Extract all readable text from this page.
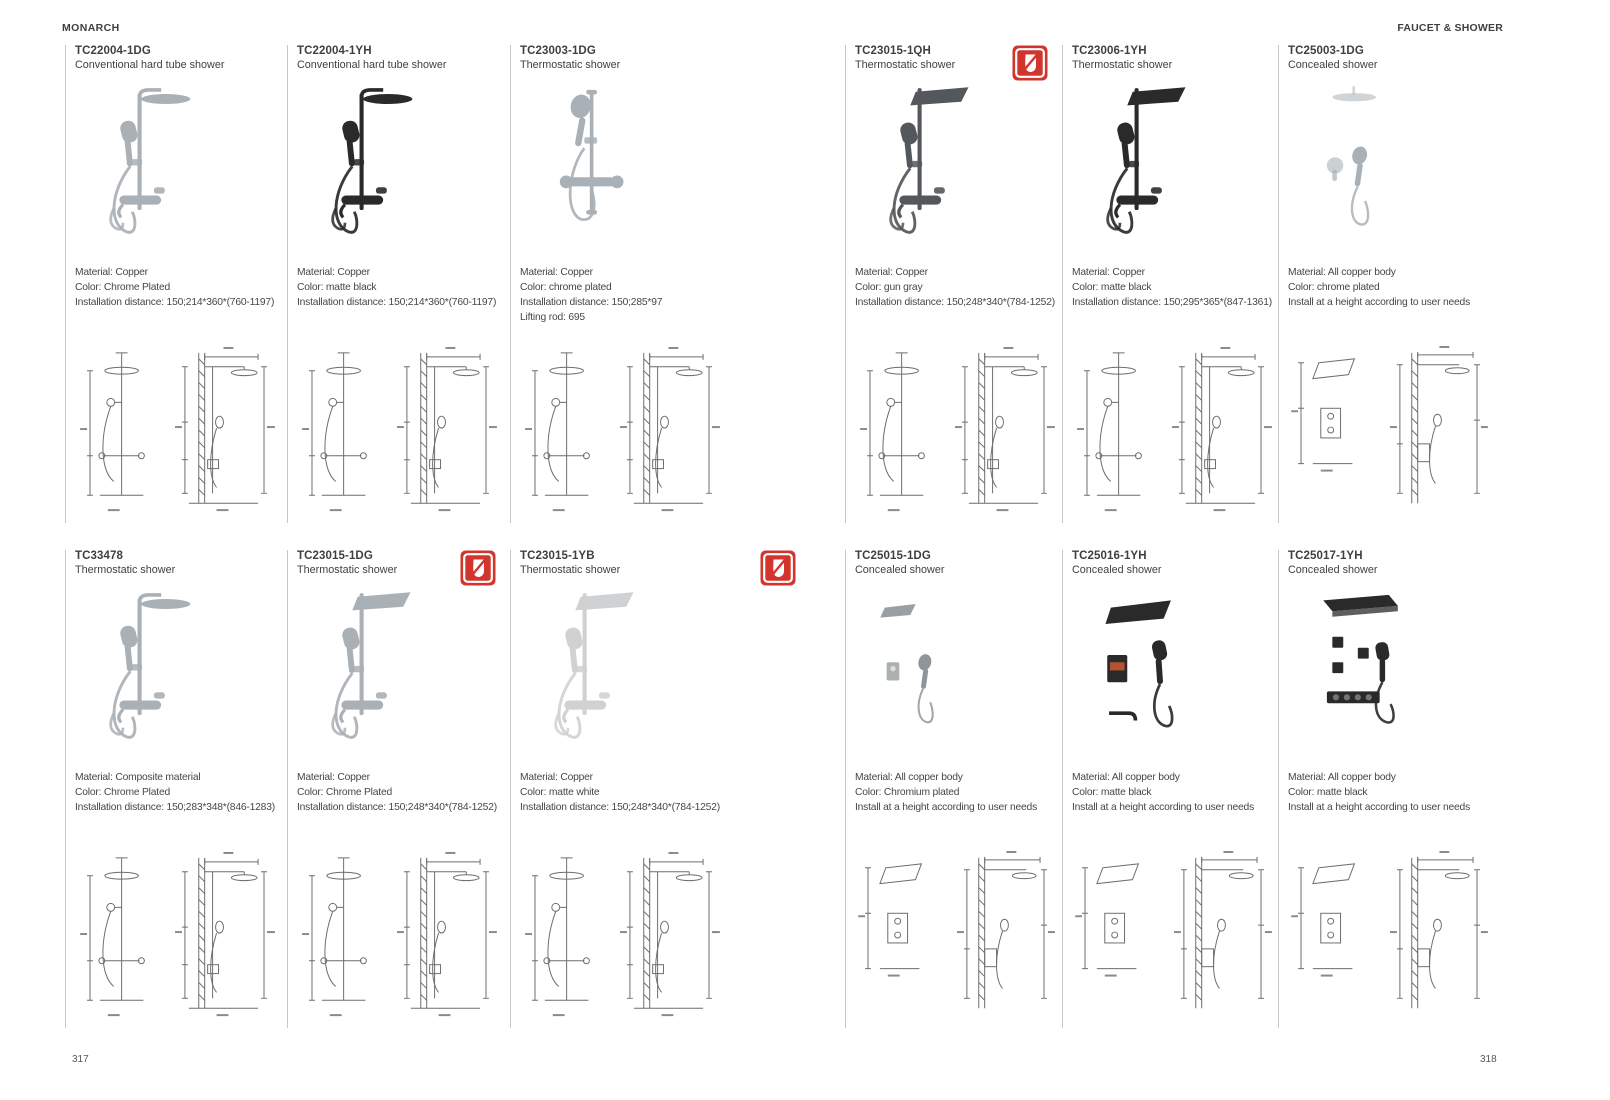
MONARCH	FAUCET & SHOWER
TC22004-1DG
Conventional hard tube shower
Material: Copper
Color: Chrome Plated
Installation distance: 150;214*360*(760-1197)
TC22004-1YH
Conventional hard tube shower
Material: Copper
Color: matte black
Installation distance: 150;214*360*(760-1197)
TC23003-1DG
Thermostatic shower
Material: Copper
Color: chrome plated
Installation distance: 150;285*97
Lifting rod: 695
TC33478
Thermostatic shower
Material: Composite material
Color: Chrome Plated
Installation distance: 150;283*348*(846-1283)
TC23015-1DG
Thermostatic shower
Material: Copper
Color: Chrome Plated
Installation distance: 150;248*340*(784-1252)
TC23015-1YB
Thermostatic shower
Material: Copper
Color: matte white
Installation distance: 150;248*340*(784-1252)
TC23015-1QH
Thermostatic shower
Material: Copper
Color: gun gray
Installation distance: 150;248*340*(784-1252)
TC23006-1YH
Thermostatic shower
Material: Copper
Color: matte black
Installation distance: 150;295*365*(847-1361)
TC25003-1DG
Concealed shower
Material: All copper body
Color: chrome plated
Install at a height according to user needs
TC25015-1DG
Concealed shower
Material: All copper body
Color: Chromium plated
Install at a height according to user needs
TC25016-1YH
Concealed shower
Material: All copper body
Color: matte black
Install at a height according to user needs
TC25017-1YH
Concealed shower
Material: All copper body
Color: matte black
Install at a height according to user needs
317	318
